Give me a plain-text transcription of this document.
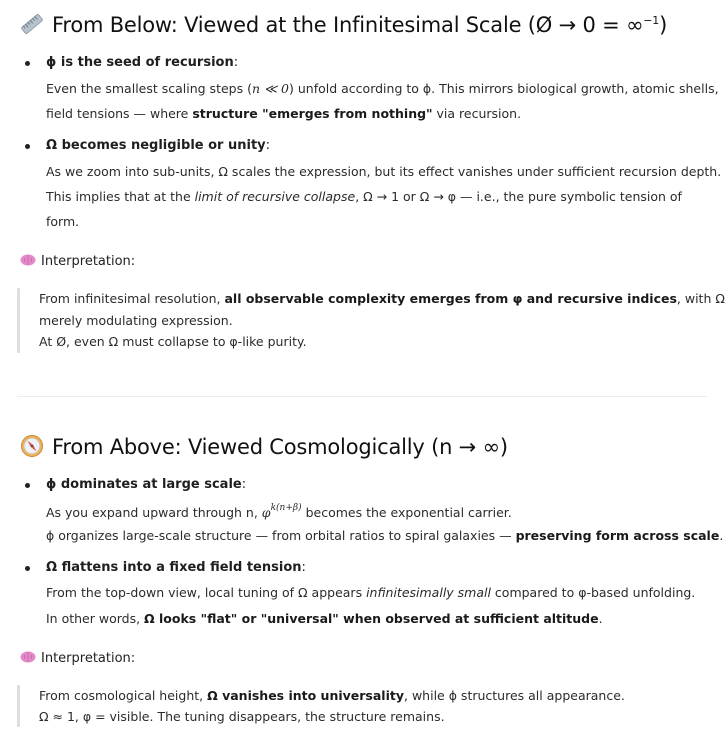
From Below: Viewed at the Infinitesimal Scale (Ø → 0 = ∞$^{-1}$)
ϕ is the seed of recursion:
Even the smallest scaling steps (n ≪ 0) unfold according to ϕ. This mirrors biological growth, atomic shells,
field tensions — where structure "emerges from nothing" via recursion.
Ω becomes negligible or unity:
As we zoom into sub-units, Ω scales the expression, but its effect vanishes under sufficient recursion depth.
This implies that at the limit of recursive collapse, Ω → 1 or Ω → φ — i.e., the pure symbolic tension of
form.
Interpretation:
From infinitesimal resolution, all observable complexity emerges from φ and recursive indices, with Ω
merely modulating expression.
At Ø, even Ω must collapse to φ-like purity.
From Above: Viewed Cosmologically (n → ∞)
ϕ dominates at large scale:
As you expand upward through n, $\varphi^{k(n+\beta)}$ becomes the exponential carrier.
ϕ organizes large-scale structure — from orbital ratios to spiral galaxies — preserving form across scale.
Ω flattens into a fixed field tension:
From the top-down view, local tuning of Ω appears infinitesimally small compared to φ-based unfolding.
In other words, Ω looks "flat" or "universal" when observed at sufficient altitude.
Interpretation:
From cosmological height, Ω vanishes into universality, while ϕ structures all appearance.
Ω ≈ 1, φ = visible. The tuning disappears, the structure remains.
